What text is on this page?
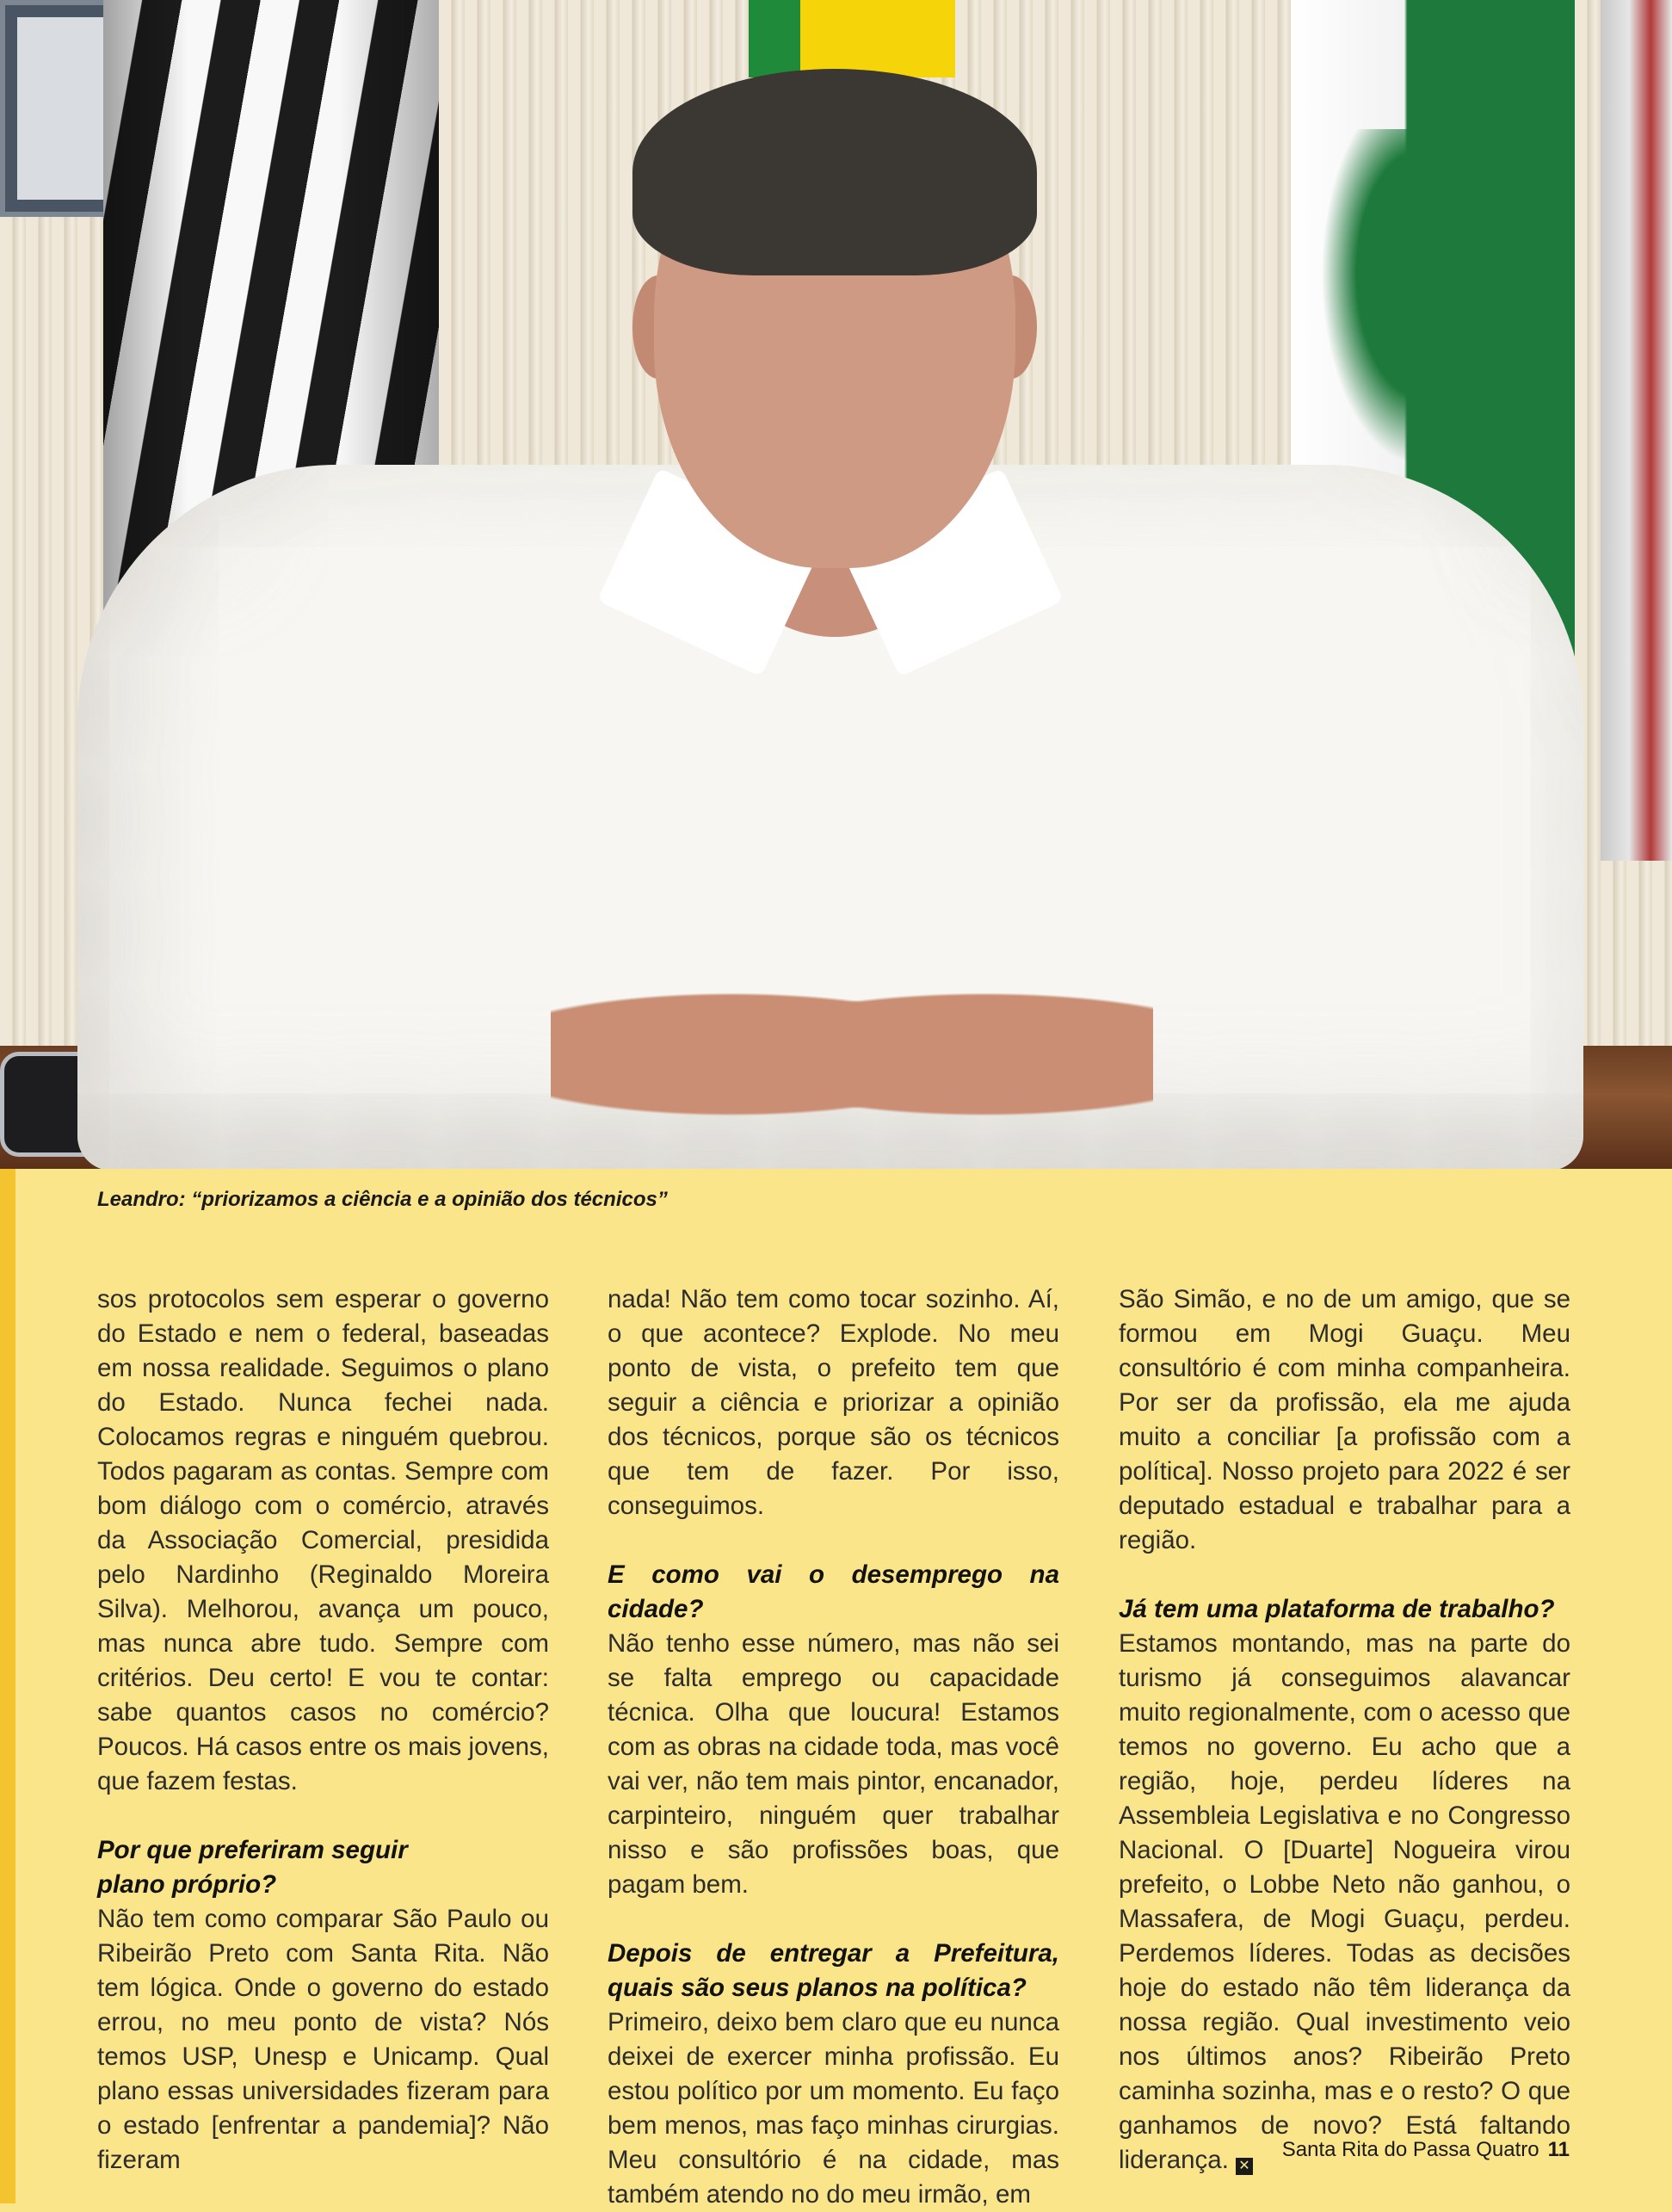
Leandro: “priorizamos a ciência e a opinião dos técnicos”

sos protocolos sem esperar o governo do Estado e nem o federal, baseadas em nossa realidade. Seguimos o plano do Estado. Nunca fechei nada. Colocamos regras e ninguém quebrou. Todos pagaram as contas. Sempre com bom diálogo com o comércio, através da Associação Comercial, presidida pelo Nardinho (Reginaldo Moreira Silva). Melhorou, avança um pouco, mas nunca abre tudo. Sempre com critérios. Deu certo! E vou te contar: sabe quantos casos no comércio? Poucos. Há casos entre os mais jovens, que fazem festas.

Por que preferiram seguir
plano próprio?

Não tem como comparar São Paulo ou Ribeirão Preto com Santa Rita. Não tem lógica. Onde o governo do estado errou, no meu ponto de vista? Nós temos USP, Unesp e Unicamp. Qual plano essas universidades fizeram para o estado [enfrentar a pandemia]? Não fizeram

nada! Não tem como tocar sozinho. Aí, o que acontece? Explode. No meu ponto de vista, o prefeito tem que seguir a ciência e priorizar a opinião dos técnicos, porque são os técnicos que tem de fazer. Por isso, conseguimos.

E como vai o desemprego na cidade?

Não tenho esse número, mas não sei se falta emprego ou capacidade técnica. Olha que loucura! Estamos com as obras na cidade toda, mas você vai ver, não tem mais pintor, encanador, carpinteiro, ninguém quer trabalhar nisso e são profissões boas, que pagam bem.

Depois de entregar a Prefeitura, quais são seus planos na política?

Primeiro, deixo bem claro que eu nunca deixei de exercer minha profissão. Eu estou político por um momento. Eu faço bem menos, mas faço minhas cirurgias. Meu consultório é na cidade, mas também atendo no do meu irmão, em

São Simão, e no de um amigo, que se formou em Mogi Guaçu. Meu consultório é com minha companheira. Por ser da profissão, ela me ajuda muito a conciliar [a profissão com a política]. Nosso projeto para 2022 é ser deputado estadual e trabalhar para a região.

Já tem uma plataforma de trabalho?

Estamos montando, mas na parte do turismo já conseguimos alavancar muito regionalmente, com o acesso que temos no governo. Eu acho que a região, hoje, perdeu líderes na Assembleia Legislativa e no Congresso Nacional. O [Duarte] Nogueira virou prefeito, o Lobbe Neto não ganhou, o Massafera, de Mogi Guaçu, perdeu. Perdemos líderes. Todas as decisões hoje do estado não têm liderança da nossa região. Qual investimento veio nos últimos anos? Ribeirão Preto caminha sozinha, mas e o resto? O que ganhamos de novo? Está faltando liderança. ✕

Santa Rita do Passa Quatro 11
